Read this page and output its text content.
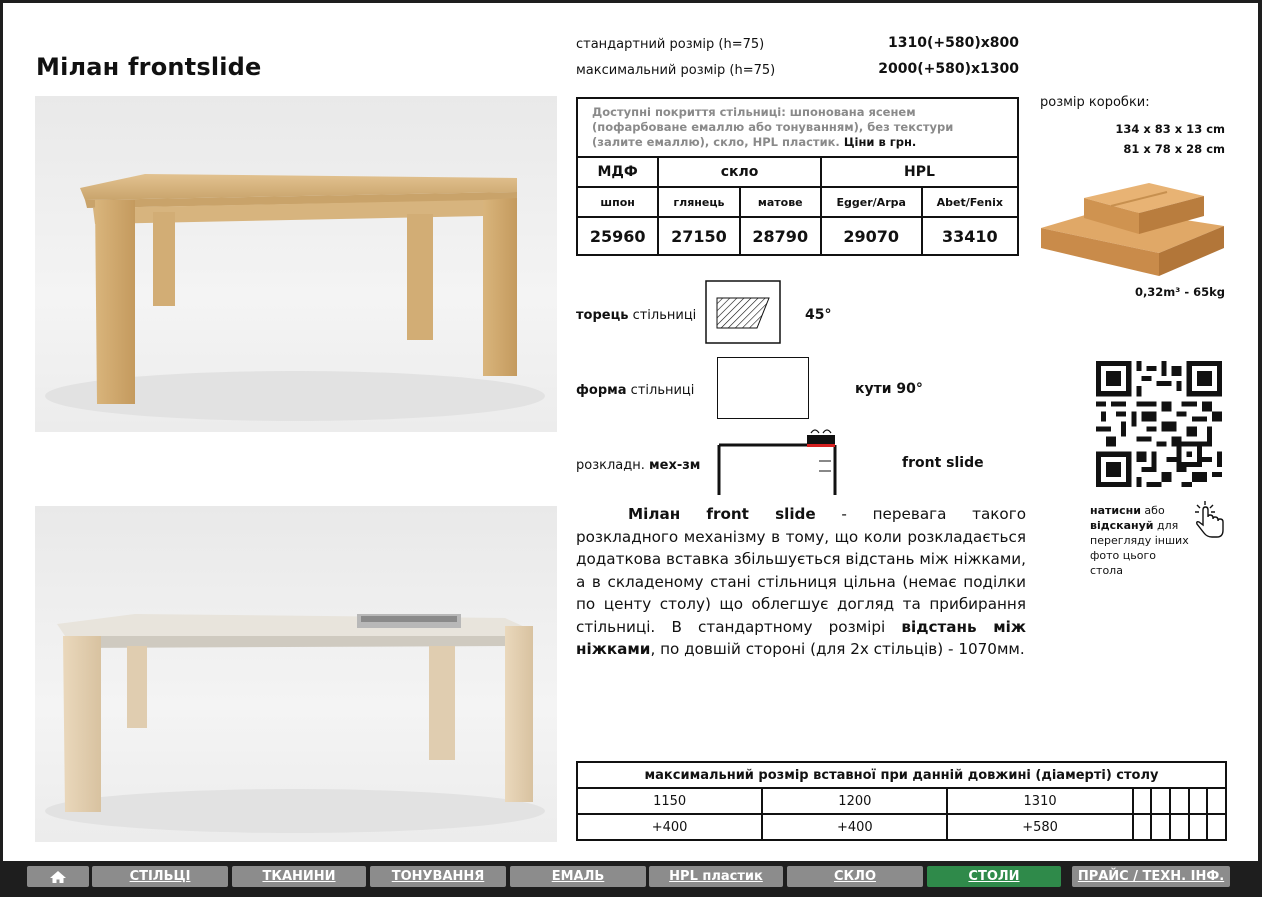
Мілан frontslide
стандартний розмір (h=75)	1310(+580)x800
максимальний розмір (h=75)	2000(+580)x1300
Доступні покриття стільниці: шпонована ясенем (пофарбоване емаллю або тонуванням), без текстури (залите емаллю), скло, HPL пластик. Ціни в грн.				
МДФ	скло		HPL	
шпон	глянець	матове	Egger/Arpa	Abet/Fenix
25960	27150	28790	29070	33410
розмір коробки:
134 x 83 x 13 cm
81 x 78 x 28 cm
0,32m³ - 65kg
торець стільниці	45°
форма стільниці	кути 90°
розкладн. мех-зм	front slide
Мілан front slide - перевага такого розкладного механізму в тому, що коли розкладається додаткова вставка збільшується відстань між ніжками, а в складеному стані стільниця цільна (немає поділки по центу столу) що облегшує догляд та прибирання стільниці. В стандартному розмірі відстань між ніжками, по довшій стороні (для 2х стільців) - 1070мм.
натисни або відсканyй для перегляду інших фото цього стола
максимальний розмір вставної при данній довжині (діамерті) столу							
1150	1200	1310					
+400	+400	+580					
СТІЛЬЦІ	ТКАНИНИ	ТОНУВАННЯ	ЕМАЛЬ	HPL пластик	СКЛО	СТОЛИ	ПРАЙС / ТЕХН. ІНФ.
